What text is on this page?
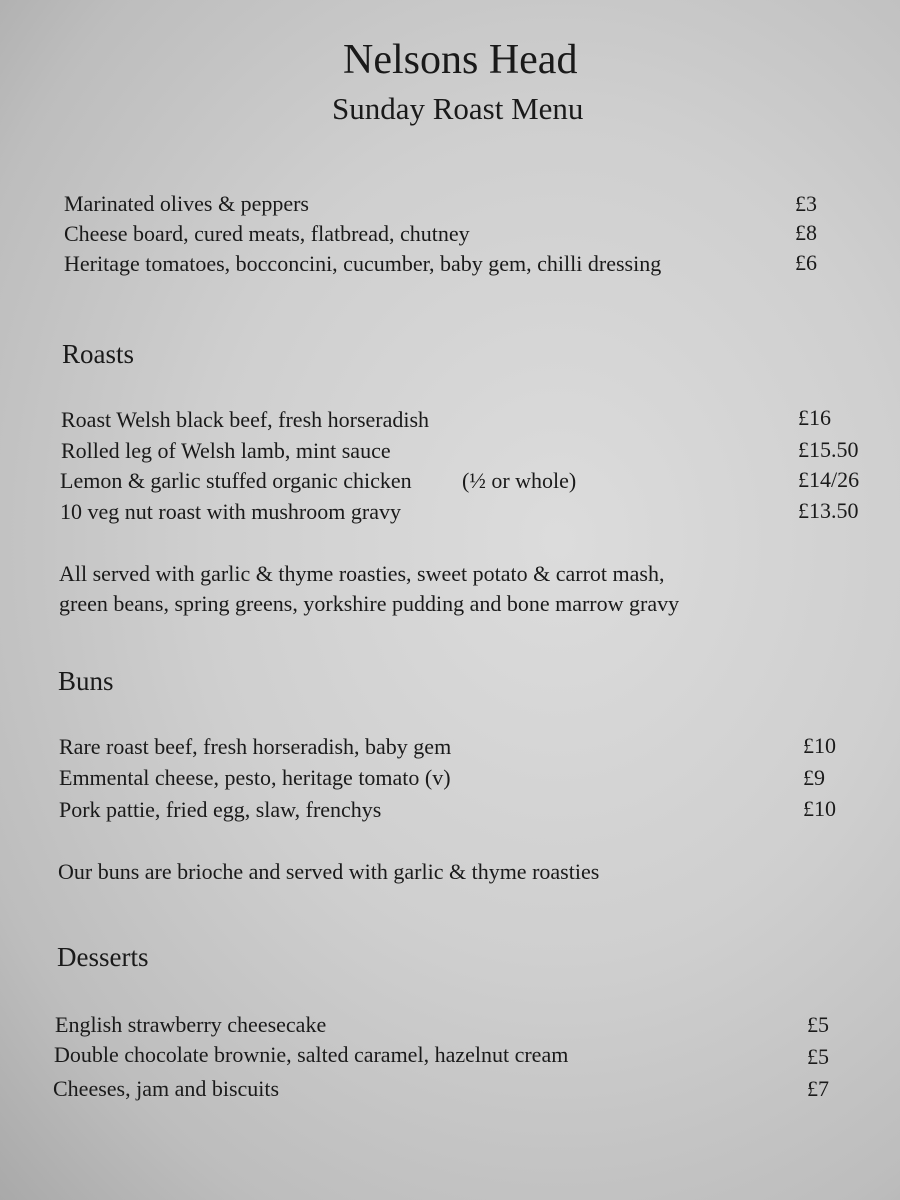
Nelsons Head
Sunday Roast Menu
Marinated olives & peppers	£3
Cheese board, cured meats, flatbread, chutney	£8
Heritage tomatoes, bocconcini, cucumber, baby gem, chilli dressing	£6
Roasts
Roast Welsh black beef, fresh horseradish	£16
Rolled leg of Welsh lamb, mint sauce	£15.50
Lemon & garlic stuffed organic chicken (½ or whole)	£14/26
10 veg nut roast with mushroom gravy	£13.50
All served with garlic & thyme roasties, sweet potato & carrot mash,
green beans, spring greens, yorkshire pudding and bone marrow gravy
Buns
Rare roast beef, fresh horseradish, baby gem	£10
Emmental cheese, pesto, heritage tomato (v)	£9
Pork pattie, fried egg, slaw, frenchys	£10
Our buns are brioche and served with garlic & thyme roasties
Desserts
English strawberry cheesecake	£5
Double chocolate brownie, salted caramel, hazelnut cream	£5
Cheeses, jam and biscuits	£7
